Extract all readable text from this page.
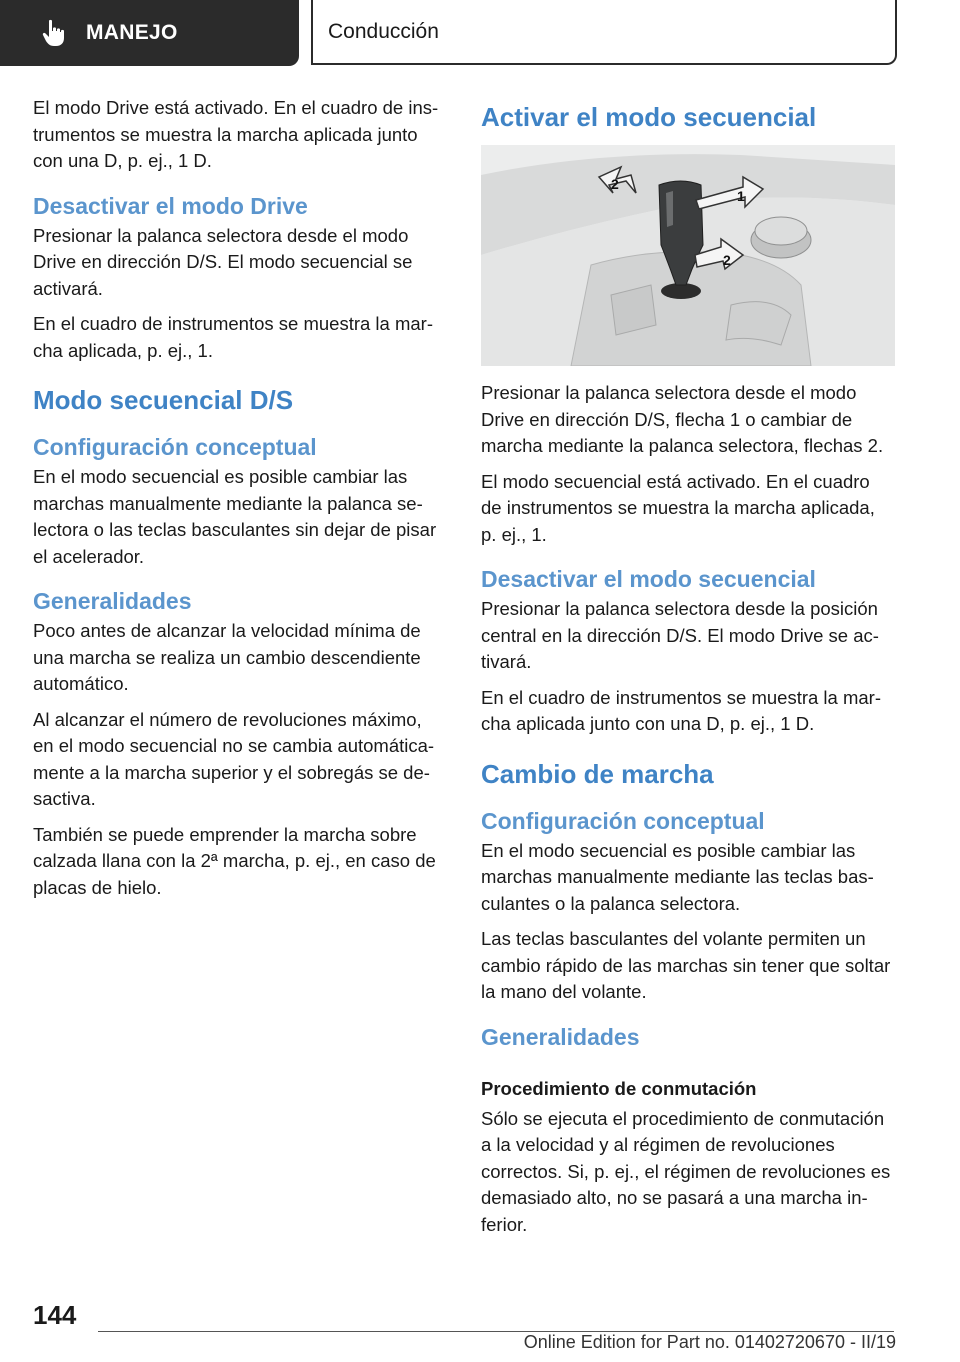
MANEJO	Conducción

El modo Drive está activado. En el cuadro de instrumentos se muestra la marcha aplicada junto con una D, p. ej., 1 D.

Desactivar el modo Drive

Presionar la palanca selectora desde el modo Drive en dirección D/S. El modo secuencial se activará.

En el cuadro de instrumentos se muestra la marcha aplicada, p. ej., 1.

Modo secuencial D/S
Configuración conceptual

En el modo secuencial es posible cambiar las marchas manualmente mediante la palanca selectora o las teclas basculantes sin dejar de pisar el acelerador.

Generalidades

Poco antes de alcanzar la velocidad mínima de una marcha se realiza un cambio descendiente automático.

Al alcanzar el número de revoluciones máximo, en el modo secuencial no se cambia automáticamente a la marcha superior y el sobregás se desactiva.

También se puede emprender la marcha sobre calzada llana con la 2ª marcha, p. ej., en caso de placas de hielo.

Activar el modo secuencial
2
1
2

Presionar la palanca selectora desde el modo Drive en dirección D/S, flecha 1 o cambiar de marcha mediante la palanca selectora, flechas 2.

El modo secuencial está activado. En el cuadro de instrumentos se muestra la marcha aplicada, p. ej., 1.

Desactivar el modo secuencial

Presionar la palanca selectora desde la posición central en la dirección D/S. El modo Drive se activará.

En el cuadro de instrumentos se muestra la marcha aplicada junto con una D, p. ej., 1 D.

Cambio de marcha
Configuración conceptual

En el modo secuencial es posible cambiar las marchas manualmente mediante las teclas basculantes o la palanca selectora.

Las teclas basculantes del volante permiten un cambio rápido de las marchas sin tener que soltar la mano del volante.

Generalidades
Procedimiento de conmutación

Sólo se ejecuta el procedimiento de conmutación a la velocidad y al régimen de revoluciones correctos. Si, p. ej., el régimen de revoluciones es demasiado alto, no se pasará a una marcha inferior.

144
Online Edition for Part no. 01402720670 - II/19
